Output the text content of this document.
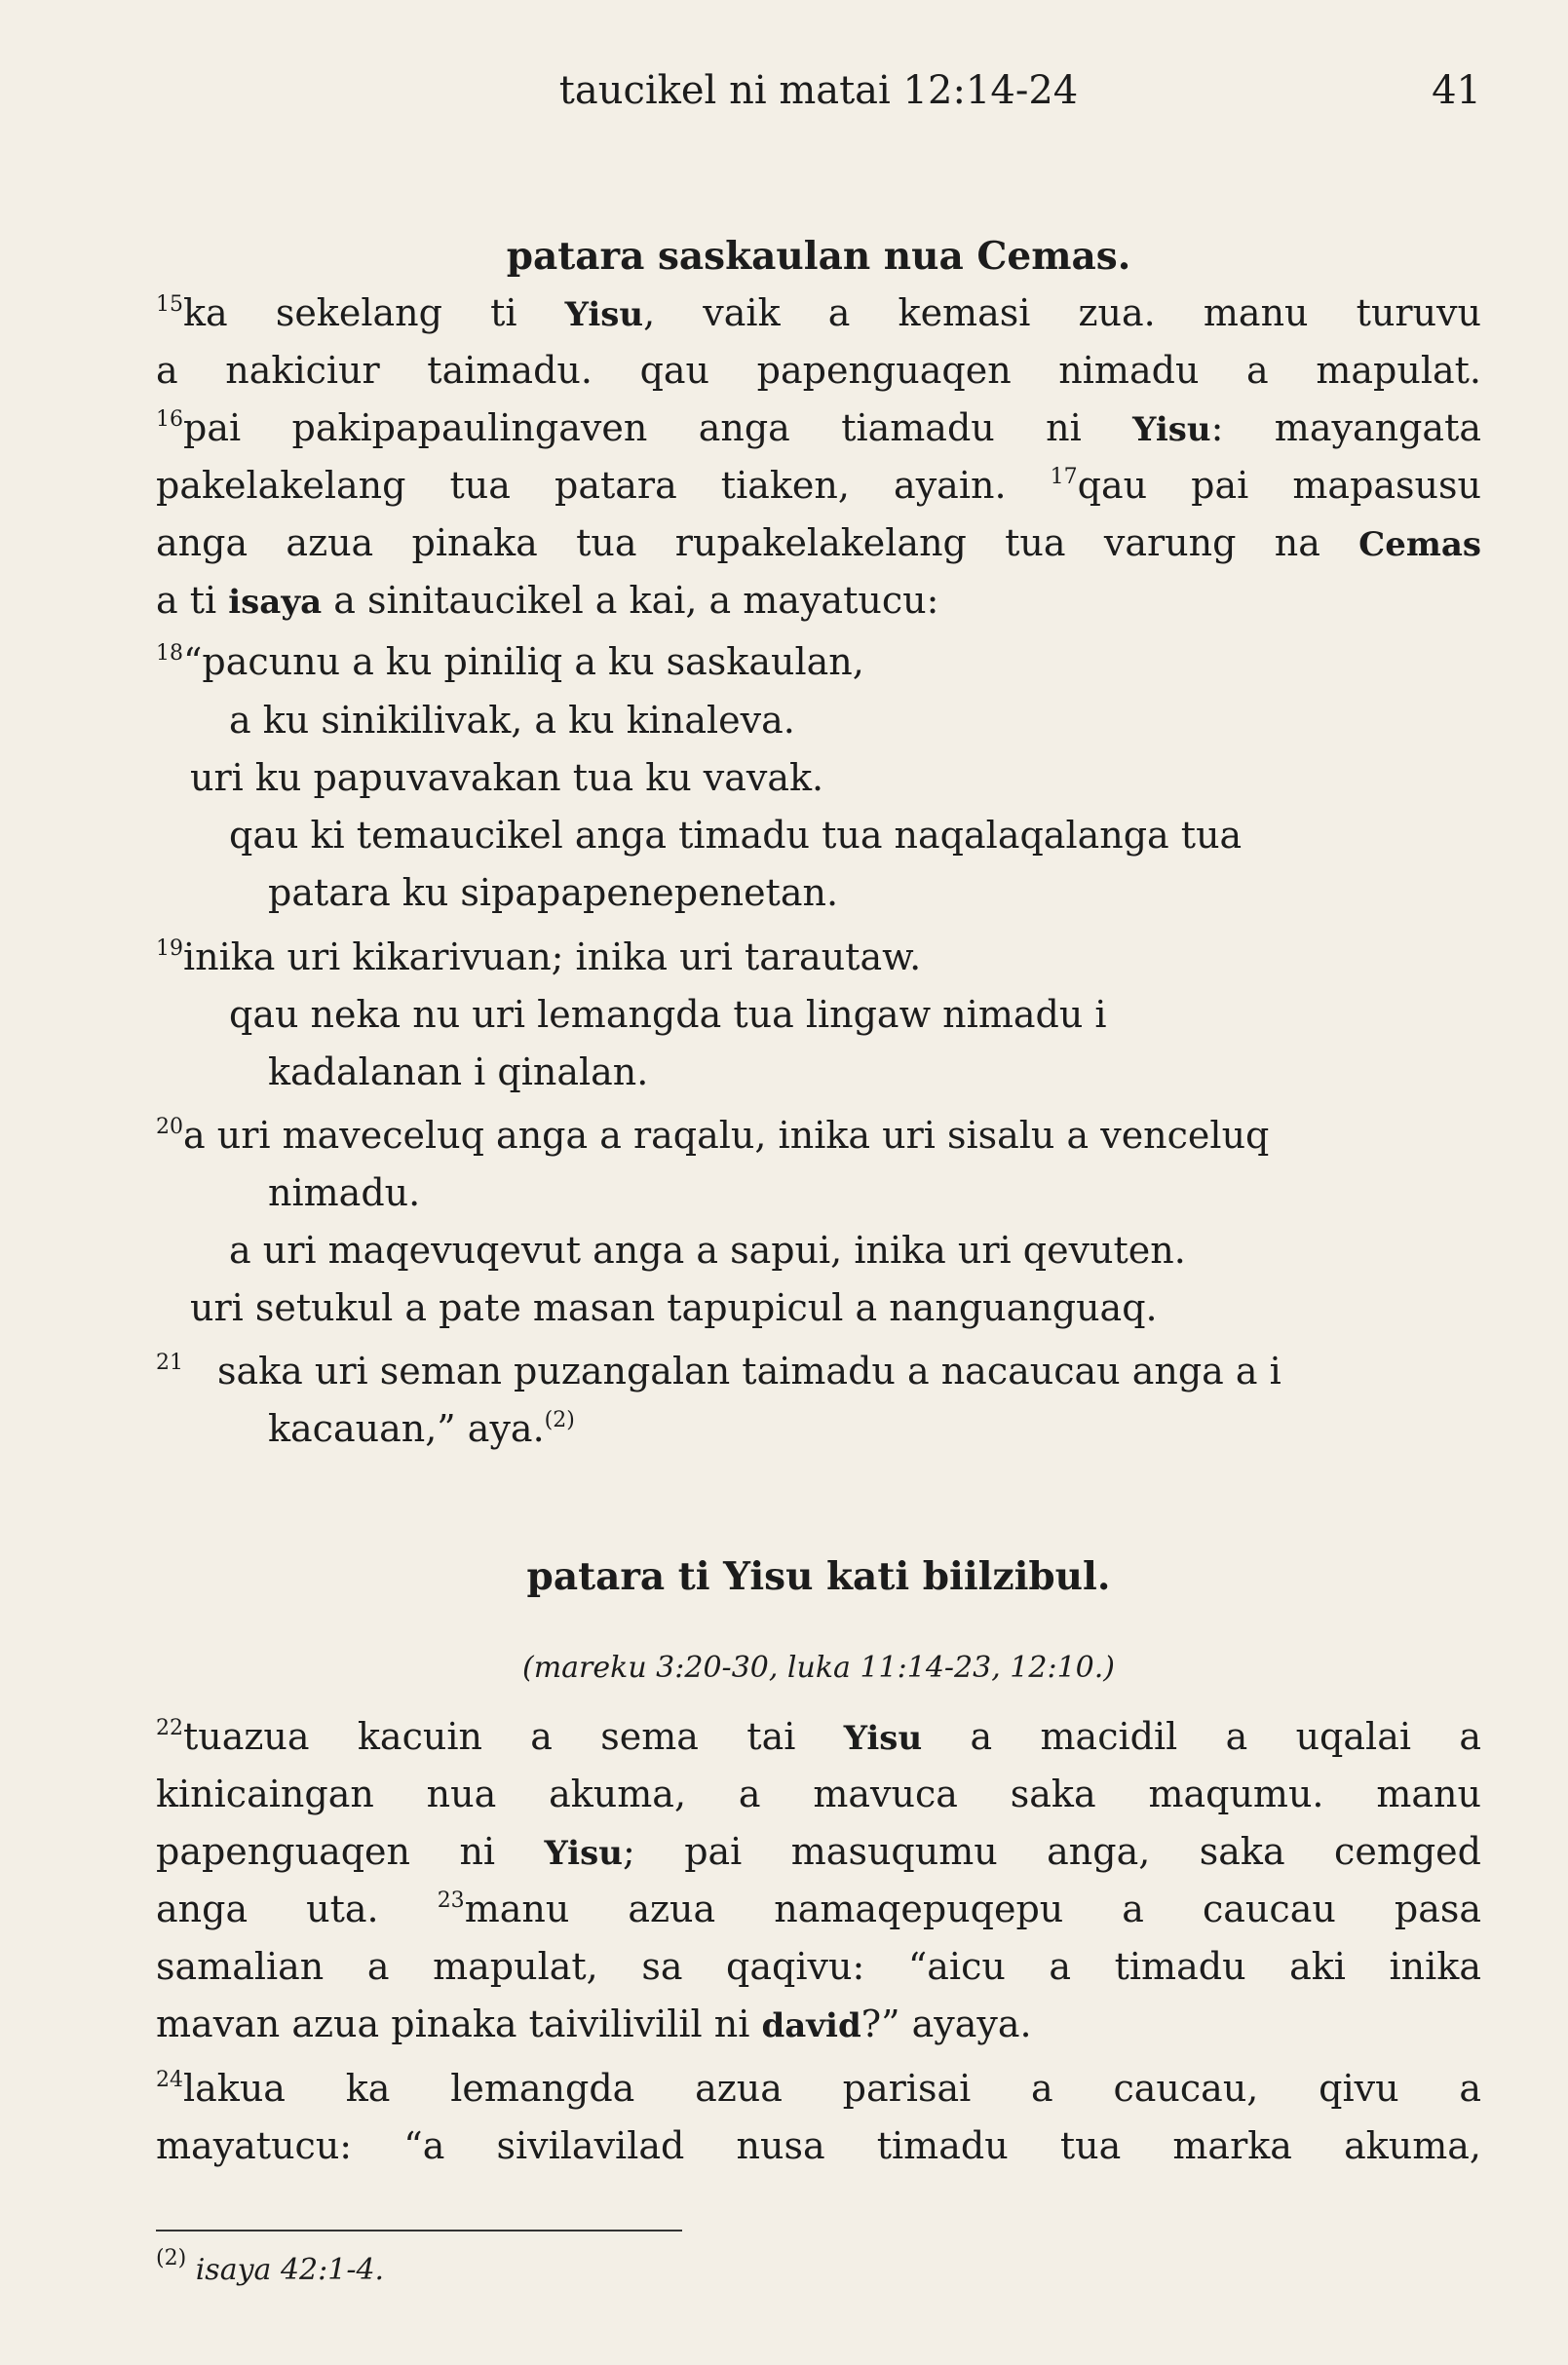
taucikel ni matai 12:14-24	41
patara saskaulan nua Cemas.
$^{15}$ka sekelang ti Yisu, vaik a kemasi zua. manu turuvu
a nakiciur taimadu. qau papenguaqen nimadu a mapulat.
$^{16}$pai pakipapaulingaven anga tiamadu ni Yisu: mayangata
pakelakelang tua patara tiaken, ayain. $^{17}$qau pai mapasusu
anga azua pinaka tua rupakelakelang tua varung na Cemas
a ti isaya a sinitaucikel a kai, a mayatucu:
$^{18}$“pacunu a ku piniliq a ku saskaulan,
a ku sinikilivak, a ku kinaleva.
uri ku papuvavakan tua ku vavak.
qau ki temaucikel anga timadu tua naqalaqalanga tua
patara ku sipapapenepenetan.
$^{19}$inika uri kikarivuan; inika uri tarautaw.
qau neka nu uri lemangda tua lingaw nimadu i
kadalanan i qinalan.
$^{20}$a uri maveceluq anga a raqalu, inika uri sisalu a venceluq
nimadu.
a uri maqevuqevut anga a sapui, inika uri qevuten.
uri setukul a pate masan tapupicul a nanguanguaq.
$^{21}$ saka uri seman puzangalan taimadu a nacaucau anga a i
kacauan,” aya.$^{(2)}$
patara ti Yisu kati biilzibul.
(mareku 3:20-30, luka 11:14-23, 12:10.)
$^{22}$tuazua kacuin a sema tai Yisu a macidil a uqalai a
kinicaingan nua akuma, a mavuca saka maqumu. manu
papenguaqen ni Yisu; pai masuqumu anga, saka cemged
anga uta. $^{23}$manu azua namaqepuqepu a caucau pasa
samalian a mapulat, sa qaqivu: “aicu a timadu aki inika
mavan azua pinaka taivilivilil ni david?” ayaya.
$^{24}$lakua ka lemangda azua parisai a caucau, qivu a
mayatucu: “a sivilavilad nusa timadu tua marka akuma,
$^{(2)}$ isaya 42:1-4.
